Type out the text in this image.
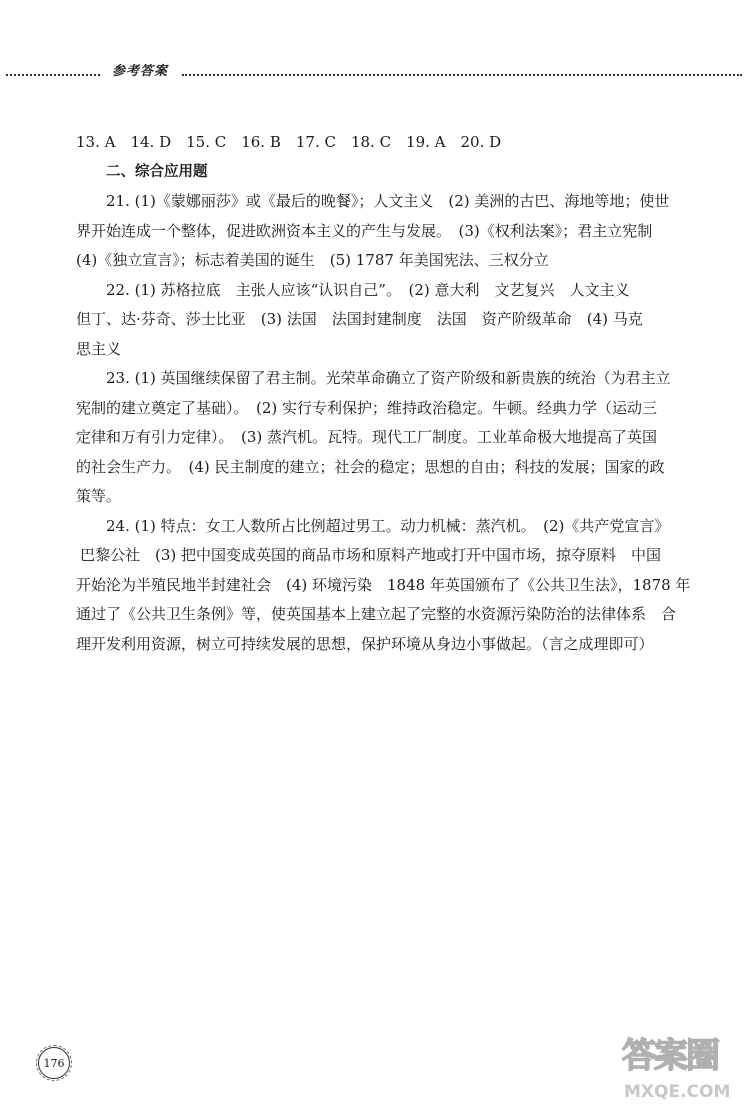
参考答案
13. A　14. D　15. C　16. B　17. C　18. C　19. A　20. D
二、综合应用题
21. (1)《蒙娜丽莎》或《最后的晚餐》；人文主义　(2) 美洲的古巴、海地等地；使世
界开始连成一个整体，促进欧洲资本主义的产生与发展。　(3)《权利法案》；君主立宪制
(4)《独立宣言》；标志着美国的诞生　(5) 1787 年美国宪法、三权分立
22. (1) 苏格拉底　主张人应该“认识自己”。　(2) 意大利　文艺复兴　人文主义
但丁、达·芬奇、莎士比亚　(3) 法国　法国封建制度　法国　资产阶级革命　(4) 马克
思主义
23. (1) 英国继续保留了君主制。光荣革命确立了资产阶级和新贵族的统治（为君主立
宪制的建立奠定了基础）。　(2) 实行专利保护；维持政治稳定。牛顿。经典力学（运动三
定律和万有引力定律）。　(3) 蒸汽机。瓦特。现代工厂制度。工业革命极大地提高了英国
的社会生产力。　(4) 民主制度的建立；社会的稳定；思想的自由；科技的发展；国家的政
策等。
24. (1) 特点：女工人数所占比例超过男工。动力机械：蒸汽机。　(2)《共产党宣言》
巴黎公社　(3) 把中国变成英国的商品市场和原料产地或打开中国市场，掠夺原料　中国
开始沦为半殖民地半封建社会　(4) 环境污染　1848 年英国颁布了《公共卫生法》，1878 年
通过了《公共卫生条例》等，使英国基本上建立起了完整的水资源污染防治的法律体系　合
理开发利用资源，树立可持续发展的思想，保护环境从身边小事做起。（言之成理即可）
176	答案圈
MXQE.COM
